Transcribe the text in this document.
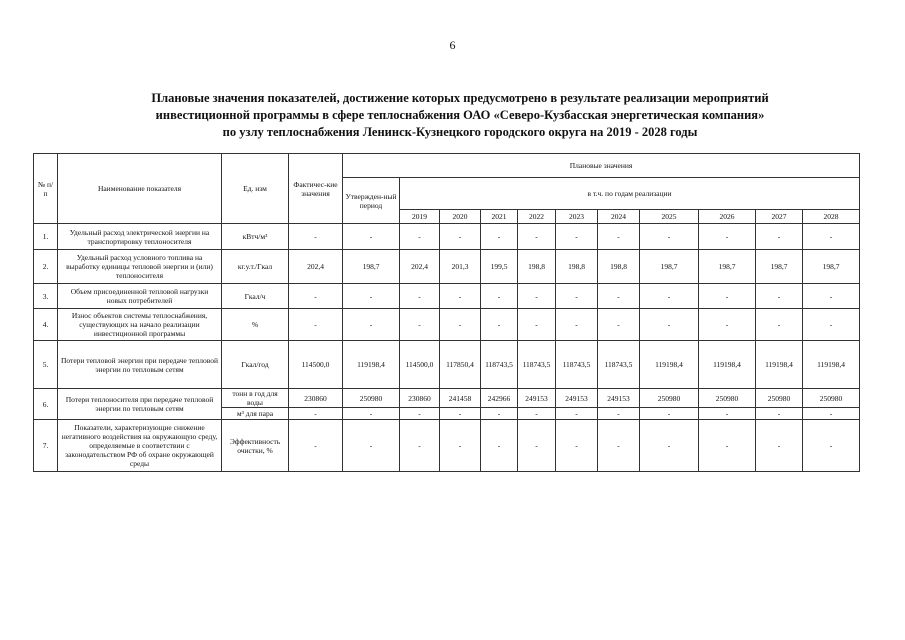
6
Плановые значения показателей, достижение которых предусмотрено в результате реализации мероприятий
инвестиционной программы в сфере теплоснабжения ОАО «Северо-Кузбасская энергетическая компания»
по узлу теплоснабжения Ленинск-Кузнецкого городского округа на 2019 - 2028 годы
№ п/п	Наименование показателя	Ед. изм	Фактичес-кие значения	Плановые значения										
				Утвержден-ный период	в т.ч. по годам реализации									
					2019	2020	2021	2022	2023	2024	2025	2026	2027	2028
1.	Удельный расход электрической энергии на транспортировку теплоносителя	кВтч/м³	-	-	-	-	-	-	-	-	-	-	-	-
2.	Удельный расход условного топлива на выработку единицы тепловой энергии и (или) теплоносителя	кг.у.т./Гкал	202,4	198,7	202,4	201,3	199,5	198,8	198,8	198,8	198,7	198,7	198,7	198,7
3.	Объем присоединенной тепловой нагрузки новых потребителей	Гкал/ч	-	-	-	-	-	-	-	-	-	-	-	-
4.	Износ объектов системы теплоснабжения, существующих на начало реализации инвестиционной программы	%	-	-	-	-	-	-	-	-	-	-	-	-
5.	Потери тепловой энергии при передаче тепловой энергии по тепловым сетям	Гкал/год	114500,0	119198,4	114500,0	117850,4	118743,5	118743,5	118743,5	118743,5	119198,4	119198,4	119198,4	119198,4
6.	Потери теплоносителя при передаче тепловой энергии по тепловым сетям	тонн в год для воды	230860	250980	230860	241458	242966	249153	249153	249153	250980	250980	250980	250980
		м³ для пара	-	-	-	-	-	-	-	-	-	-	-	-
7.	Показатели, характеризующие снижение негативного воздействия на окружающую среду, определяемые в соответствии с законодательством РФ об охране окружающей среды	Эффективность очистки, %	-	-	-	-	-	-	-	-	-	-	-	-
